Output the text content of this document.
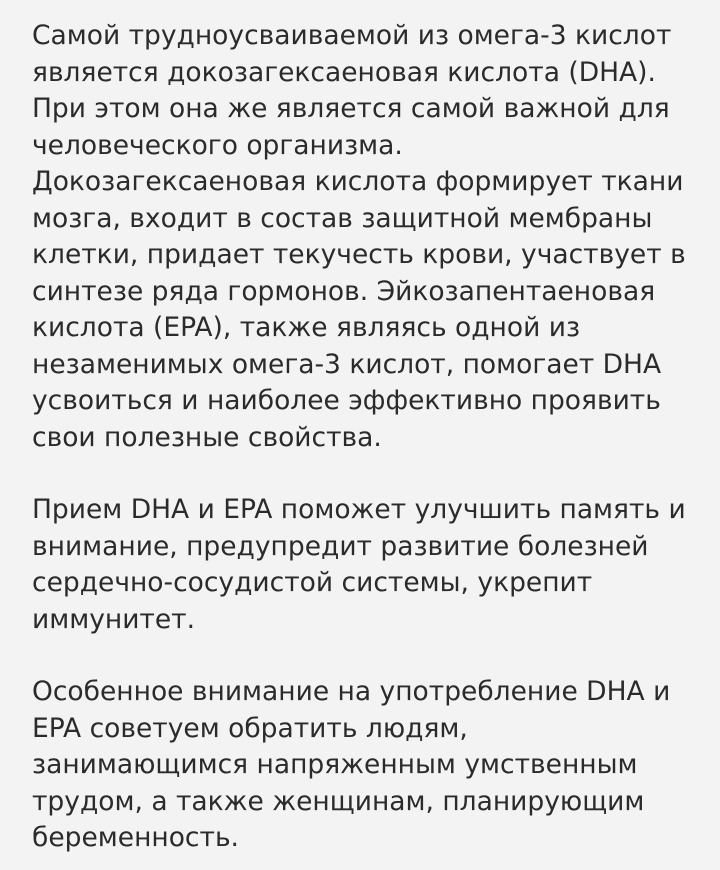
Самой трудноусваиваемой из омега-3 кислот
является докозагексаеновая кислота (DHA).
При этом она же является самой важной для
человеческого организма.
Докозагексаеновая кислота формирует ткани
мозга, входит в состав защитной мембраны
клетки, придает текучесть крови, участвует в
синтезе ряда гормонов. Эйкозапентаеновая
кислота (EPA), также являясь одной из
незаменимых омега-3 кислот, помогает DHA
усвоиться и наиболее эффективно проявить
свои полезные свойства.

Прием DHA и EPA поможет улучшить память и
внимание, предупредит развитие болезней
сердечно-сосудистой системы, укрепит
иммунитет.

Особенное внимание на употребление DHA и
EPA советуем обратить людям,
занимающимся напряженным умственным
трудом, а также женщинам, планирующим
беременность.
